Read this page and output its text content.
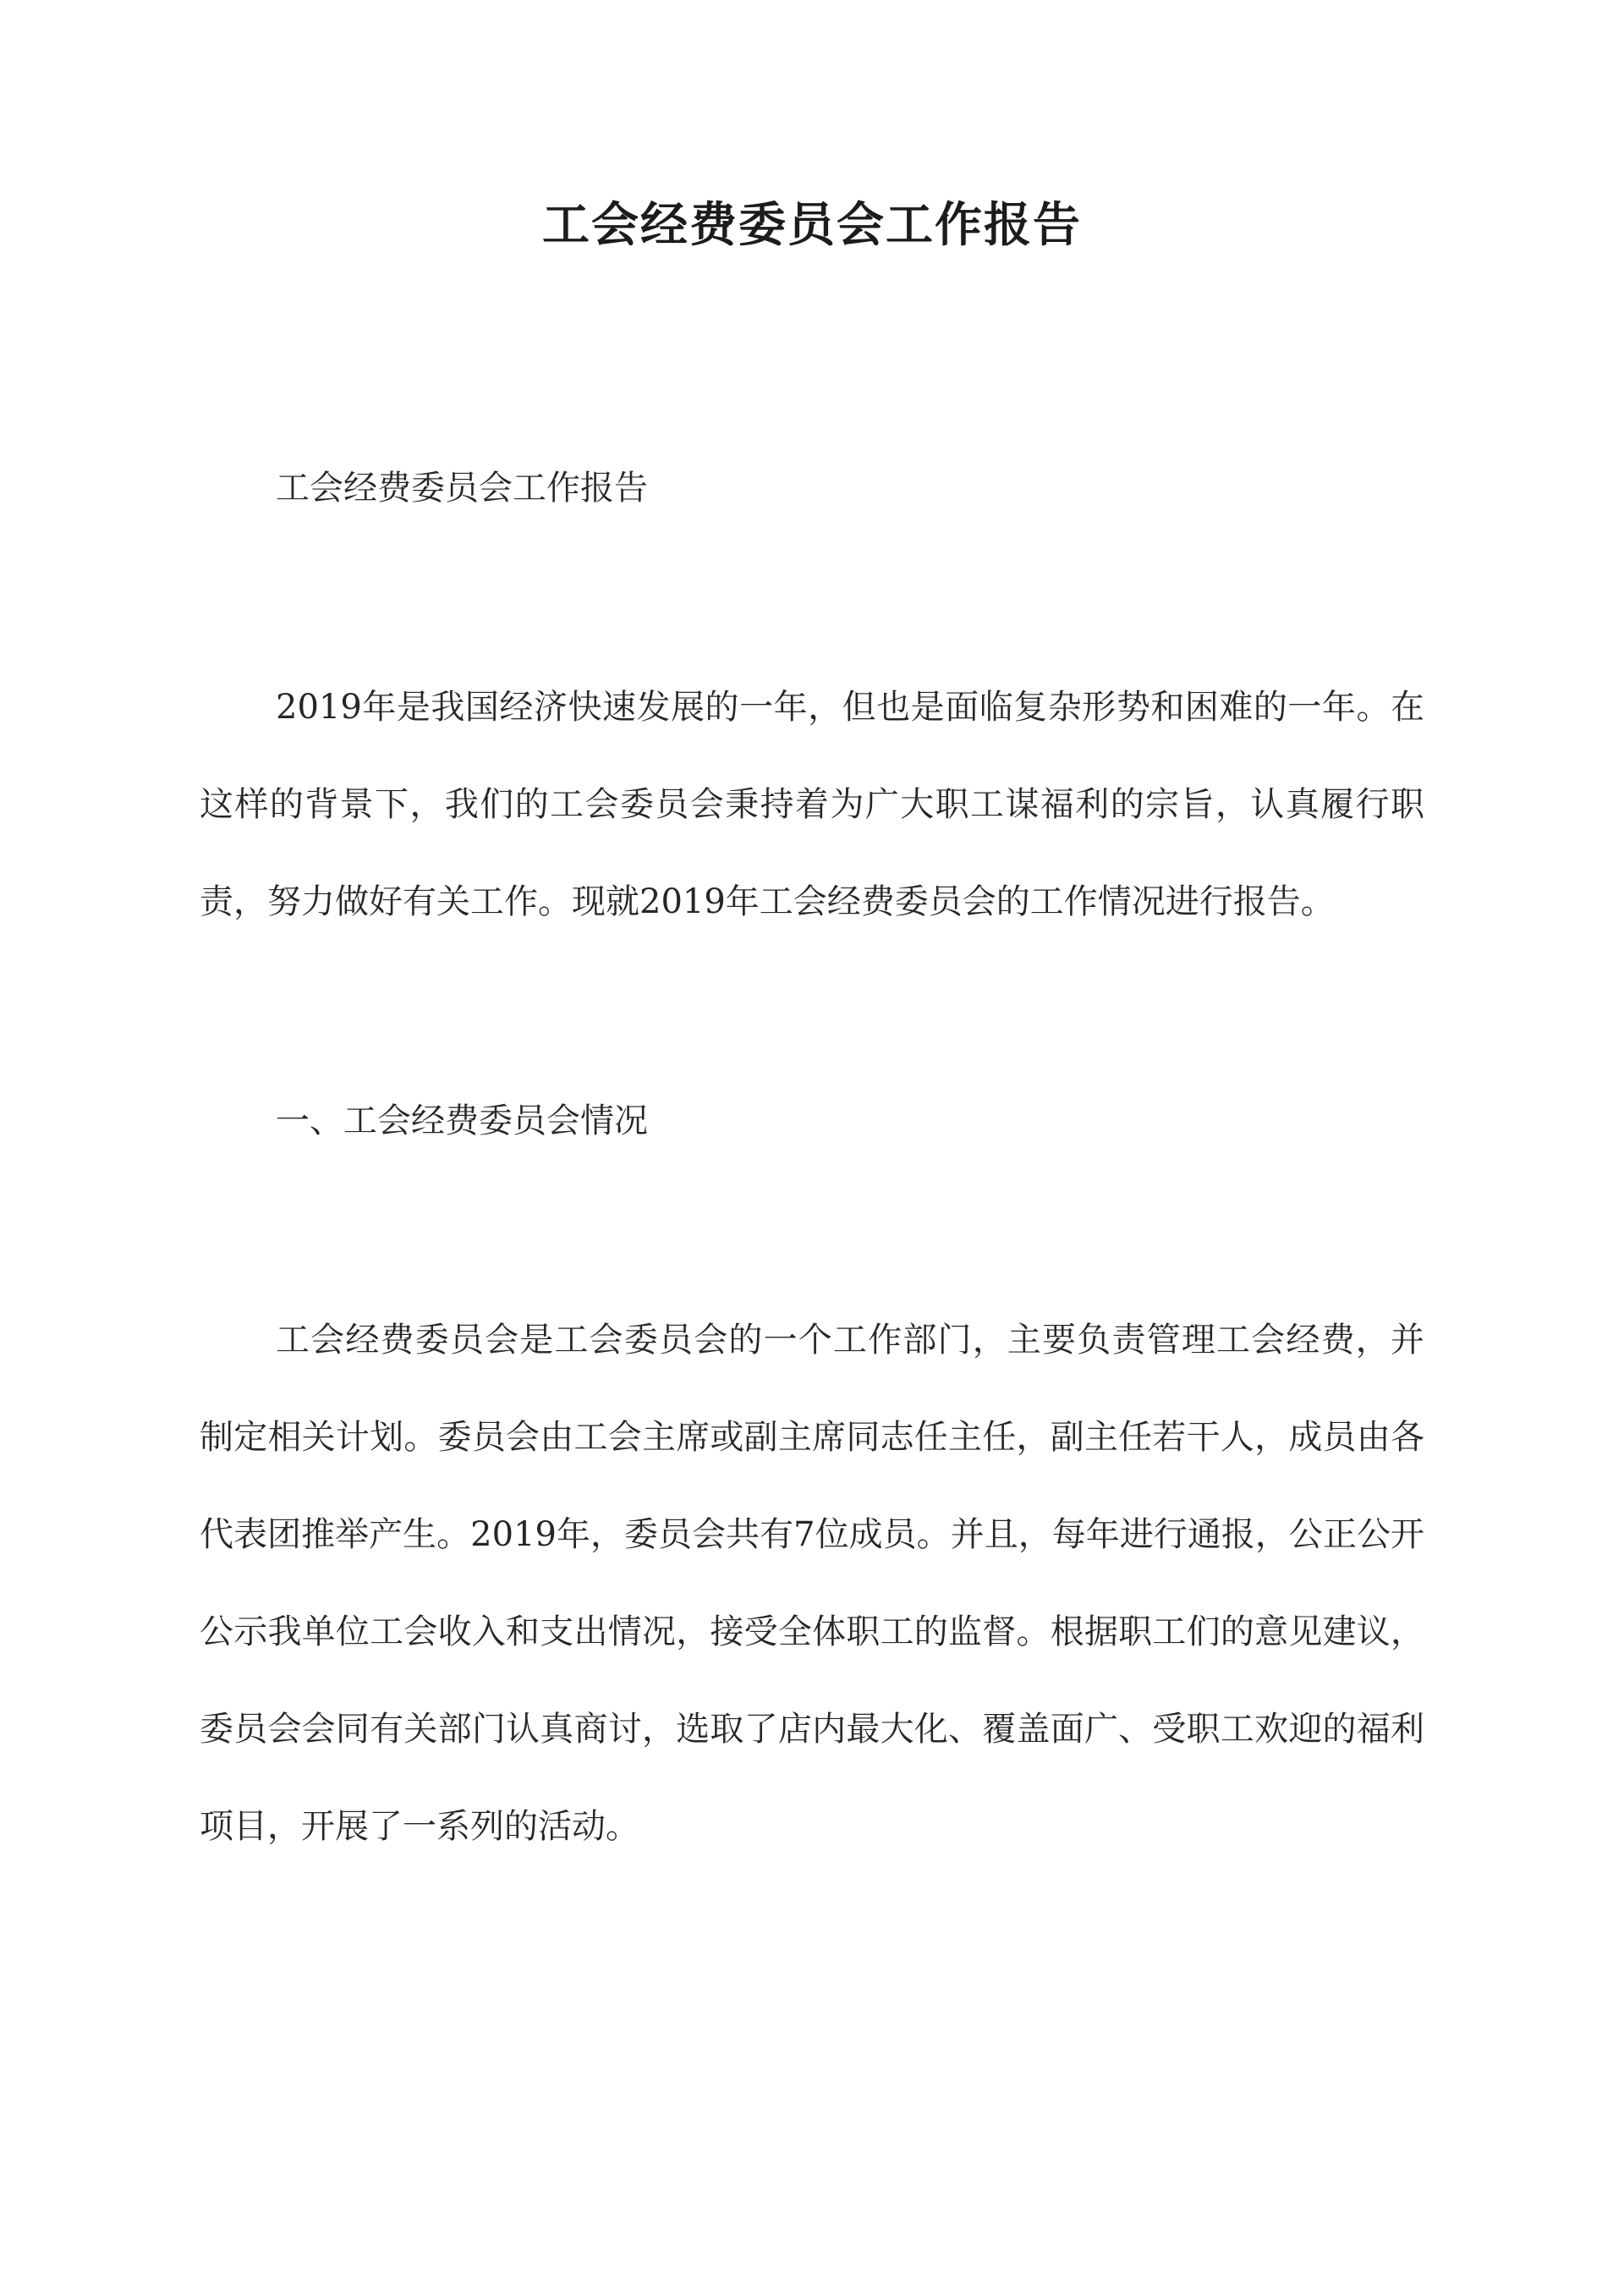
工会经费委员会工作报告

工会经费委员会工作报告

2019年是我国经济快速发展的一年，但也是面临复杂形势和困难的一年。在这样的背景下，我们的工会委员会秉持着为广大职工谋福利的宗旨，认真履行职责，努力做好有关工作。现就2019年工会经费委员会的工作情况进行报告。

一、工会经费委员会情况

工会经费委员会是工会委员会的一个工作部门，主要负责管理工会经费，并制定相关计划。委员会由工会主席或副主席同志任主任，副主任若干人，成员由各代表团推举产生。2019年，委员会共有7位成员。并且，每年进行通报，公正公开公示我单位工会收入和支出情况，接受全体职工的监督。根据职工们的意见建议，委员会会同有关部门认真商讨，选取了店内最大化、覆盖面广、受职工欢迎的福利项目，开展了一系列的活动。
